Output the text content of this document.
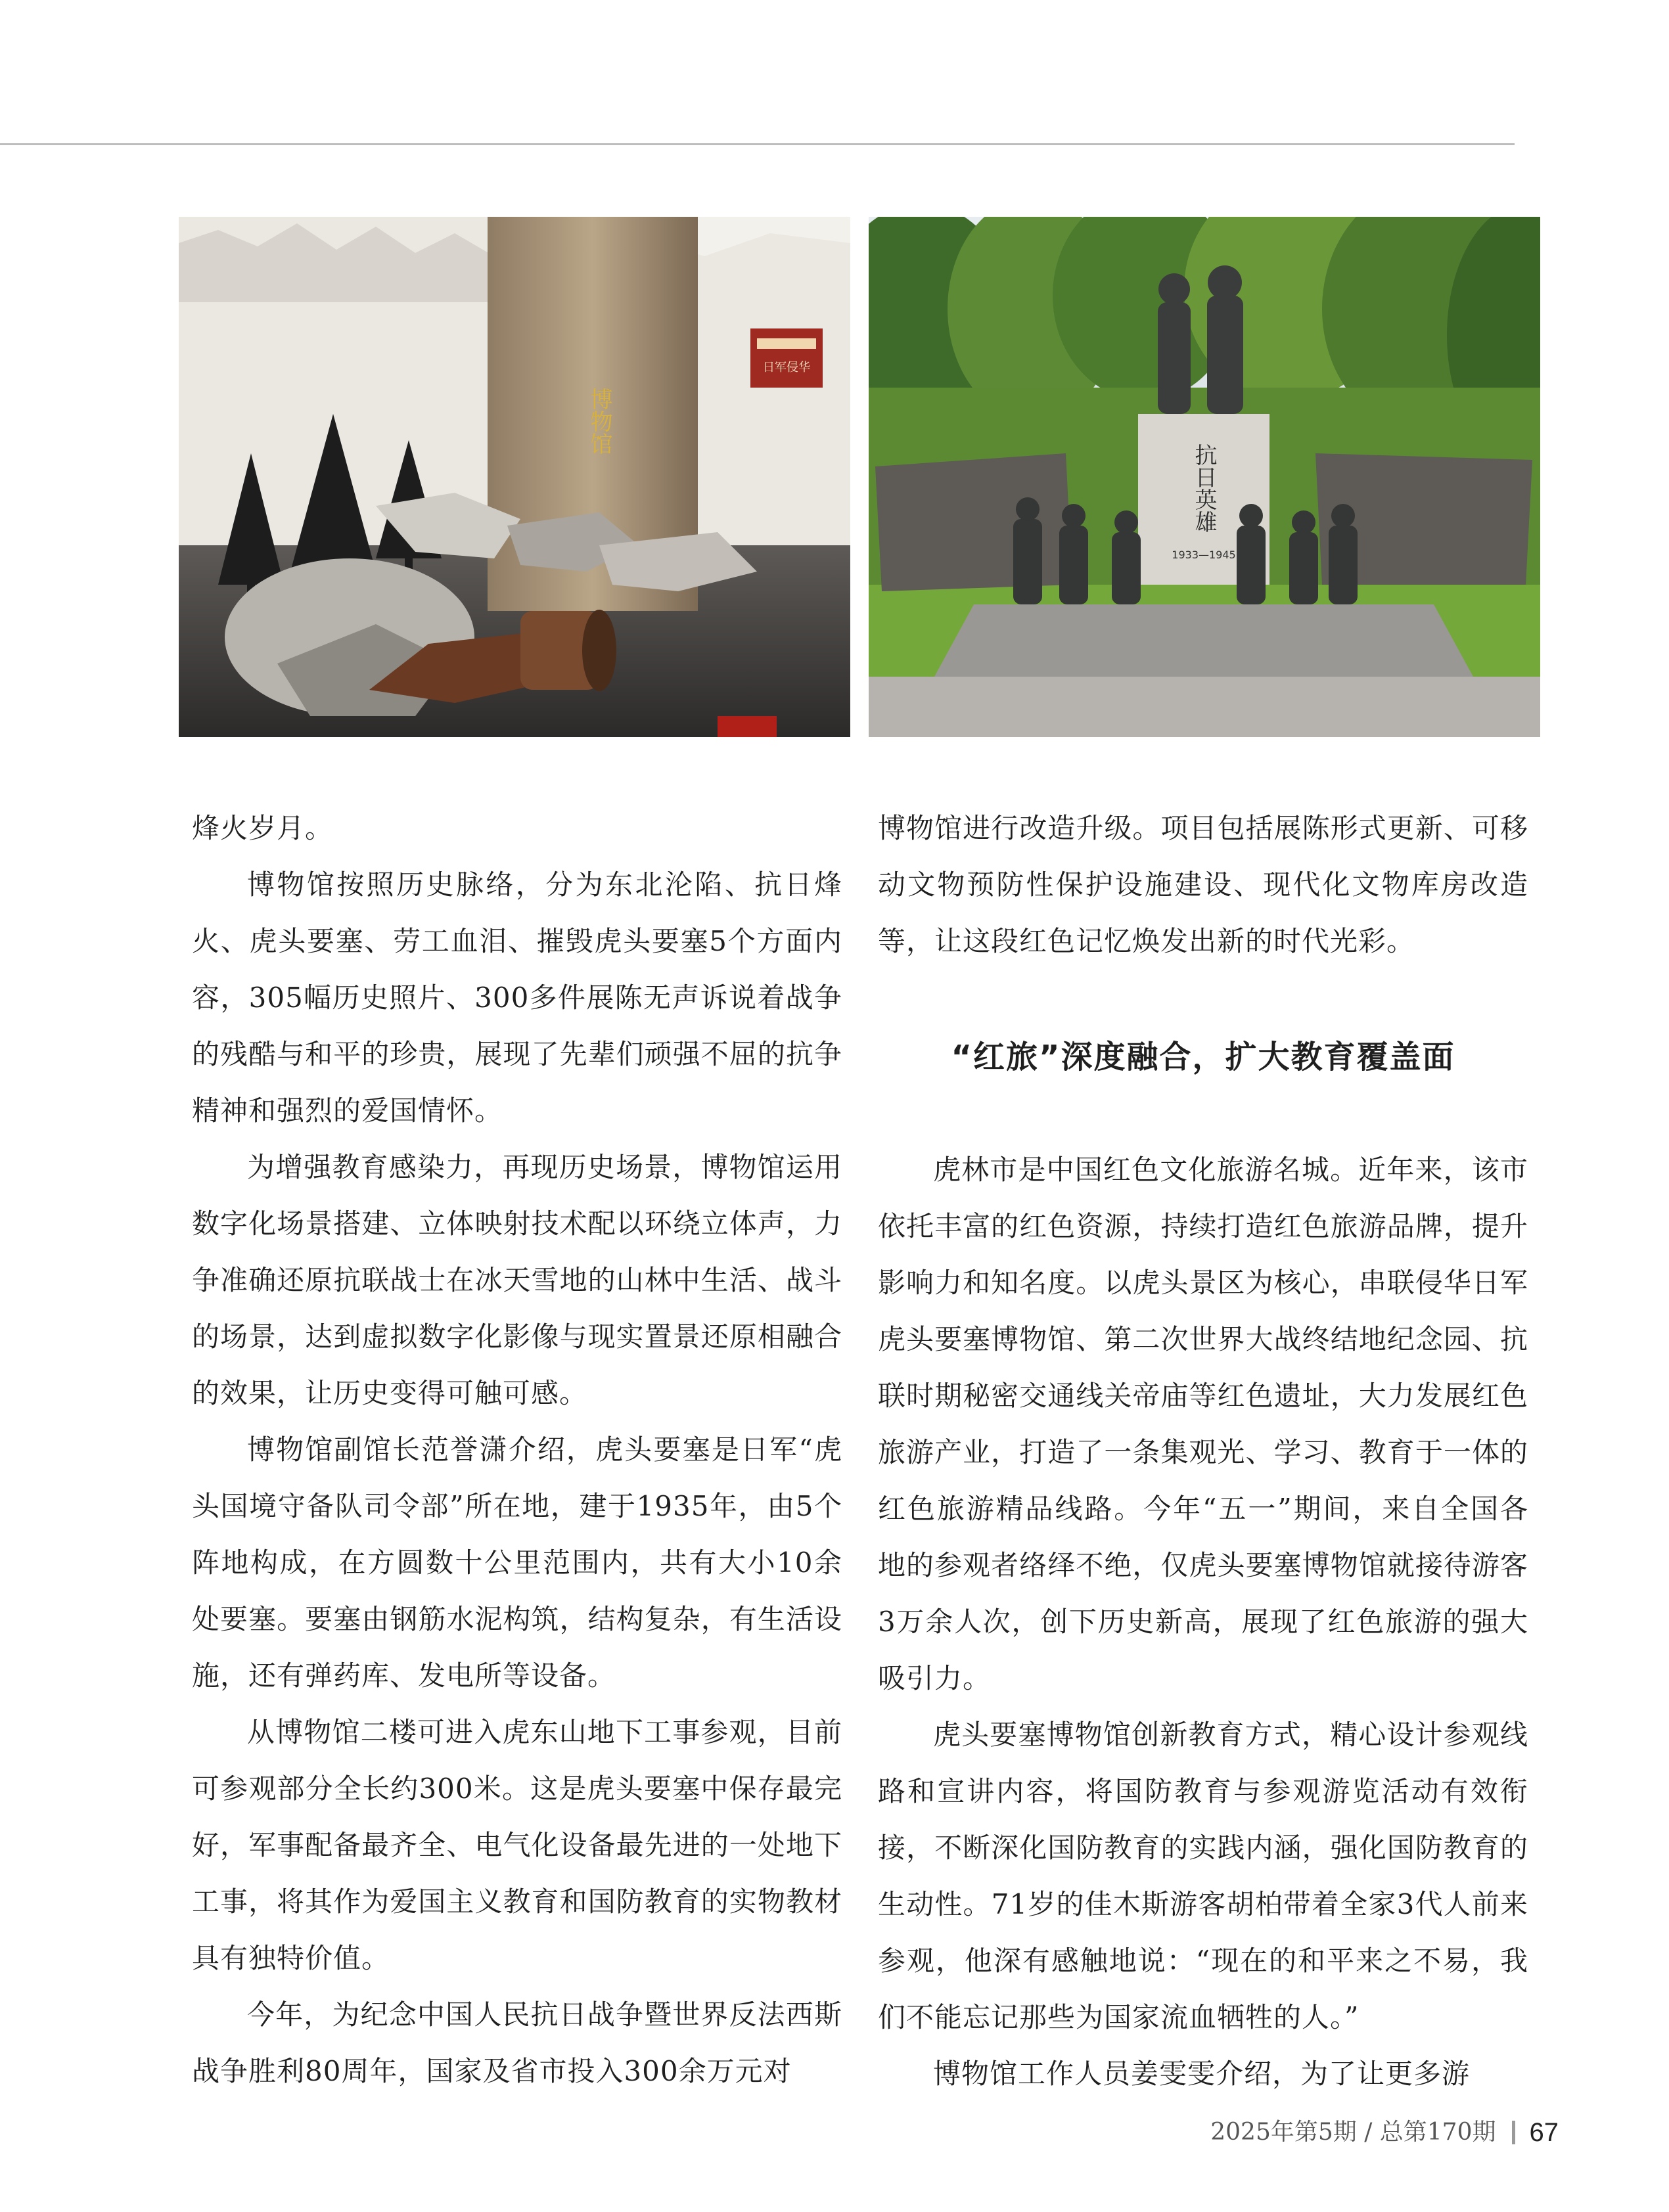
博物馆
日军侵华
抗日英雄
1933—1945

烽火岁月。

博物馆按照历史脉络，分为东北沦陷、抗日烽火、虎头要塞、劳工血泪、摧毁虎头要塞5个方面内容，305幅历史照片、300多件展陈无声诉说着战争的残酷与和平的珍贵，展现了先辈们顽强不屈的抗争精神和强烈的爱国情怀。

为增强教育感染力，再现历史场景，博物馆运用数字化场景搭建、立体映射技术配以环绕立体声，力争准确还原抗联战士在冰天雪地的山林中生活、战斗的场景，达到虚拟数字化影像与现实置景还原相融合的效果，让历史变得可触可感。

博物馆副馆长范誉潇介绍，虎头要塞是日军“虎头国境守备队司令部”所在地，建于1935年，由5个阵地构成，在方圆数十公里范围内，共有大小10余处要塞。要塞由钢筋水泥构筑，结构复杂，有生活设施，还有弹药库、发电所等设备。

从博物馆二楼可进入虎东山地下工事参观，目前可参观部分全长约300米。这是虎头要塞中保存最完好，军事配备最齐全、电气化设备最先进的一处地下工事，将其作为爱国主义教育和国防教育的实物教材具有独特价值。

今年，为纪念中国人民抗日战争暨世界反法西斯战争胜利80周年，国家及省市投入300余万元对

博物馆进行改造升级。项目包括展陈形式更新、可移动文物预防性保护设施建设、现代化文物库房改造等，让这段红色记忆焕发出新的时代光彩。

“红旅”深度融合，扩大教育覆盖面

虎林市是中国红色文化旅游名城。近年来，该市依托丰富的红色资源，持续打造红色旅游品牌，提升影响力和知名度。以虎头景区为核心，串联侵华日军虎头要塞博物馆、第二次世界大战终结地纪念园、抗联时期秘密交通线关帝庙等红色遗址，大力发展红色旅游产业，打造了一条集观光、学习、教育于一体的红色旅游精品线路。今年“五一”期间，来自全国各地的参观者络绎不绝，仅虎头要塞博物馆就接待游客3万余人次，创下历史新高，展现了红色旅游的强大吸引力。

虎头要塞博物馆创新教育方式，精心设计参观线路和宣讲内容，将国防教育与参观游览活动有效衔接，不断深化国防教育的实践内涵，强化国防教育的生动性。71岁的佳木斯游客胡柏带着全家3代人前来参观，他深有感触地说：“现在的和平来之不易，我们不能忘记那些为国家流血牺牲的人。”

博物馆工作人员姜雯雯介绍，为了让更多游

2025年第5期 / 总第170期 67
